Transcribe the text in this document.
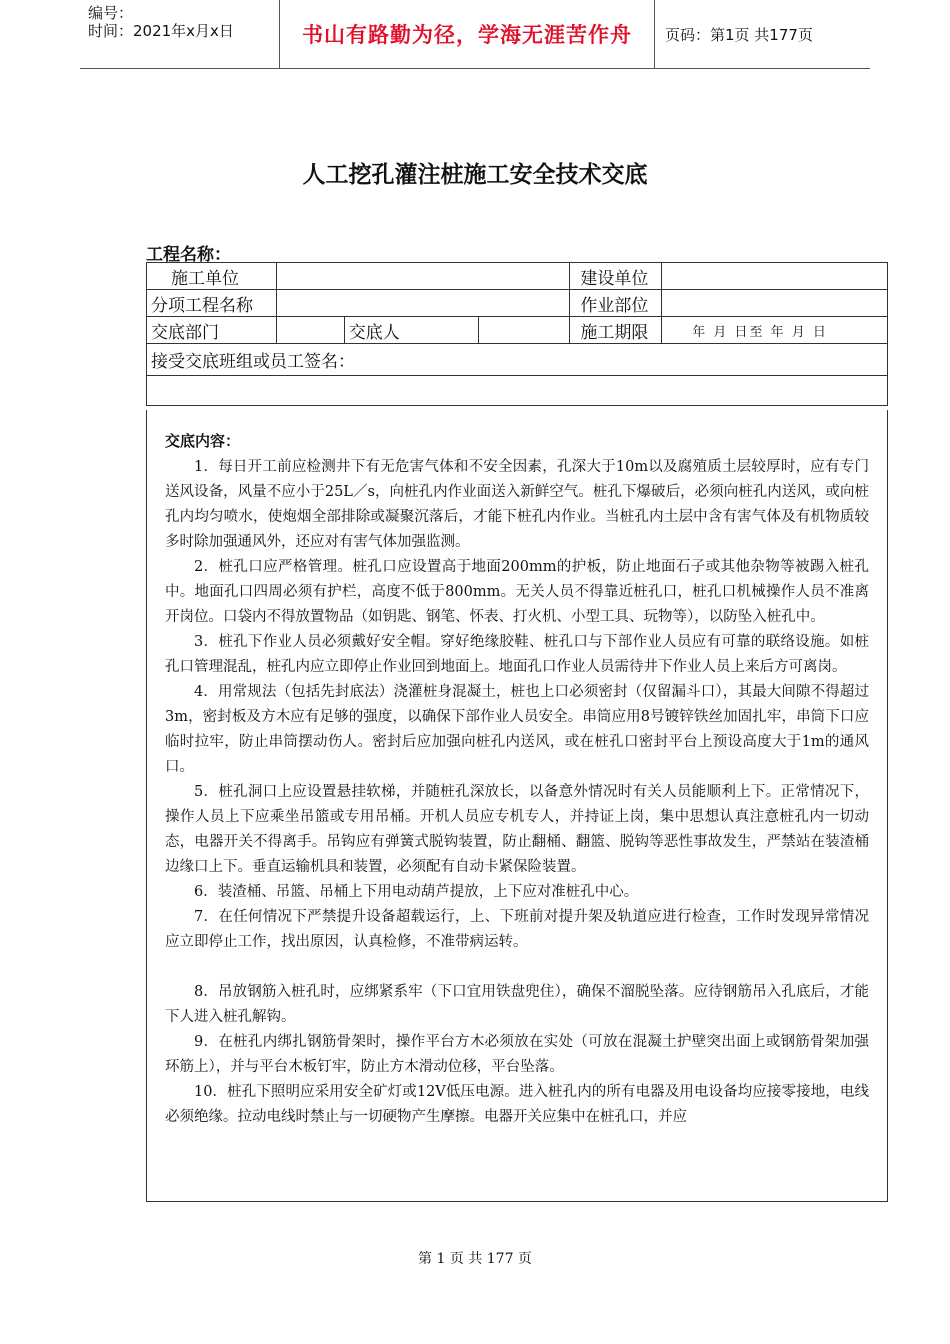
编号：
时间：2021年x月x日	书山有路勤为径，学海无涯苦作舟	页码：第1页 共177页
人工挖孔灌注桩施工安全技术交底
工程名称：
施工单位				建设单位	
分项工程名称				作业部位	
交底部门		交底人		施工期限	年 月 日至 年 月 日
接受交底班组或员工签名：					

交底内容：

1．每日开工前应检测井下有无危害气体和不安全因素，孔深大于10m以及腐殖质土层较厚时，应有专门送风设备，风量不应小于25L／s，向桩孔内作业面送入新鲜空气。桩孔下爆破后，必须向桩孔内送风，或向桩孔内均匀喷水，使炮烟全部排除或凝聚沉落后，才能下桩孔内作业。当桩孔内土层中含有害气体及有机物质较多时除加强通风外，还应对有害气体加强监测。

2．桩孔口应严格管理。桩孔口应设置高于地面200mm的护板，防止地面石子或其他杂物等被踢入桩孔中。地面孔口四周必须有护栏，高度不低于800mm。无关人员不得靠近桩孔口，桩孔口机械操作人员不准离开岗位。口袋内不得放置物品（如钥匙、钢笔、怀表、打火机、小型工具、玩物等），以防坠入桩孔中。

3．桩孔下作业人员必须戴好安全帽。穿好绝缘胶鞋、桩孔口与下部作业人员应有可靠的联络设施。如桩孔口管理混乱，桩孔内应立即停止作业回到地面上。地面孔口作业人员需待井下作业人员上来后方可离岗。

4．用常规法（包括先封底法）浇灌桩身混凝土，桩也上口必须密封（仅留漏斗口），其最大间隙不得超过3m，密封板及方木应有足够的强度，以确保下部作业人员安全。串筒应用8号镀锌铁丝加固扎牢，串筒下口应临时拉牢，防止串筒摆动伤人。密封后应加强向桩孔内送风，或在桩孔口密封平台上预设高度大于1m的通风口。

5．桩孔洞口上应设置悬挂软梯，并随桩孔深放长，以备意外情况时有关人员能顺利上下。正常情况下，操作人员上下应乘坐吊篮或专用吊桶。开机人员应专机专人，并持证上岗，集中思想认真注意桩孔内一切动态，电器开关不得离手。吊钩应有弹簧式脱钩装置，防止翻桶、翻篮、脱钩等恶性事故发生，严禁站在装渣桶边缘口上下。垂直运输机具和装置，必须配有自动卡紧保险装置。

6．装渣桶、吊篮、吊桶上下用电动葫芦提放，上下应对准桩孔中心。

7．在任何情况下严禁提升设备超载运行，上、下班前对提升架及轨道应进行检查，工作时发现异常情况应立即停止工作，找出原因，认真检修，不准带病运转。

8．吊放钢筋入桩孔时，应绑紧系牢（下口宜用铁盘兜住），确保不溜脱坠落。应待钢筋吊入孔底后，才能下人进入桩孔解钩。

9．在桩孔内绑扎钢筋骨架时，操作平台方木必须放在实处（可放在混凝土护壁突出面上或钢筋骨架加强环筋上），并与平台木板钉牢，防止方木滑动位移，平台坠落。

10．桩孔下照明应采用安全矿灯或12V低压电源。进入桩孔内的所有电器及用电设备均应接零接地，电线必须绝缘。拉动电线时禁止与一切硬物产生摩擦。电器开关应集中在桩孔口，并应

第 1 页 共 177 页
